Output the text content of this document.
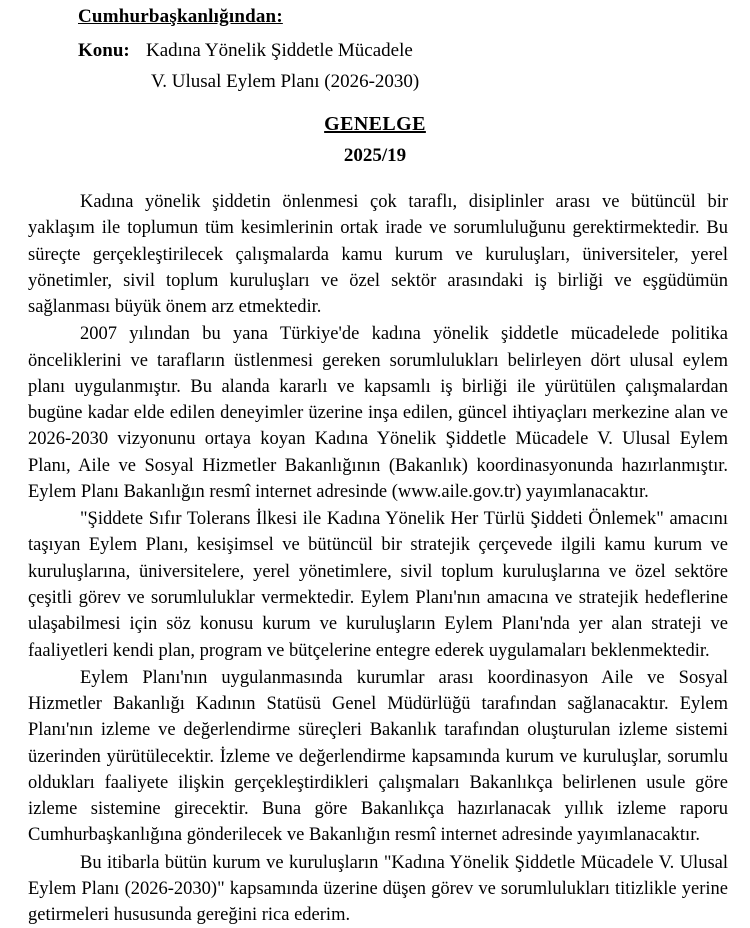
Cumhurbaşkanlığından:
Konu: Kadına Yönelik Şiddetle Mücadele
V. Ulusal Eylem Planı (2026-2030)
GENELGE
2025/19

Kadına yönelik şiddetin önlenmesi çok taraflı, disiplinler arası ve bütüncül bir yaklaşım ile toplumun tüm kesimlerinin ortak irade ve sorumluluğunu gerektirmektedir. Bu süreçte gerçekleştirilecek çalışmalarda kamu kurum ve kuruluşları, üniversiteler, yerel yönetimler, sivil toplum kuruluşları ve özel sektör arasındaki iş birliği ve eşgüdümün sağlanması büyük önem arz etmektedir.

2007 yılından bu yana Türkiye'de kadına yönelik şiddetle mücadelede politika önceliklerini ve tarafların üstlenmesi gereken sorumlulukları belirleyen dört ulusal eylem planı uygulanmıştır. Bu alanda kararlı ve kapsamlı iş birliği ile yürütülen çalışmalardan bugüne kadar elde edilen deneyimler üzerine inşa edilen, güncel ihtiyaçları merkezine alan ve 2026-2030 vizyonunu ortaya koyan Kadına Yönelik Şiddetle Mücadele V. Ulusal Eylem Planı, Aile ve Sosyal Hizmetler Bakanlığının (Bakanlık) koordinasyonunda hazırlanmıştır. Eylem Planı Bakanlığın resmî internet adresinde (www.aile.gov.tr) yayımlanacaktır.

"Şiddete Sıfır Tolerans İlkesi ile Kadına Yönelik Her Türlü Şiddeti Önlemek" amacını taşıyan Eylem Planı, kesişimsel ve bütüncül bir stratejik çerçevede ilgili kamu kurum ve kuruluşlarına, üniversitelere, yerel yönetimlere, sivil toplum kuruluşlarına ve özel sektöre çeşitli görev ve sorumluluklar vermektedir. Eylem Planı'nın amacına ve stratejik hedeflerine ulaşabilmesi için söz konusu kurum ve kuruluşların Eylem Planı'nda yer alan strateji ve faaliyetleri kendi plan, program ve bütçelerine entegre ederek uygulamaları beklenmektedir.

Eylem Planı'nın uygulanmasında kurumlar arası koordinasyon Aile ve Sosyal Hizmetler Bakanlığı Kadının Statüsü Genel Müdürlüğü tarafından sağlanacaktır. Eylem Planı'nın izleme ve değerlendirme süreçleri Bakanlık tarafından oluşturulan izleme sistemi üzerinden yürütülecektir. İzleme ve değerlendirme kapsamında kurum ve kuruluşlar, sorumlu oldukları faaliyete ilişkin gerçekleştirdikleri çalışmaları Bakanlıkça belirlenen usule göre izleme sistemine girecektir. Buna göre Bakanlıkça hazırlanacak yıllık izleme raporu Cumhurbaşkanlığına gönderilecek ve Bakanlığın resmî internet adresinde yayımlanacaktır.

Bu itibarla bütün kurum ve kuruluşların "Kadına Yönelik Şiddetle Mücadele V. Ulusal Eylem Planı (2026-2030)" kapsamında üzerine düşen görev ve sorumlulukları titizlikle yerine getirmeleri hususunda gereğini rica ederim.
